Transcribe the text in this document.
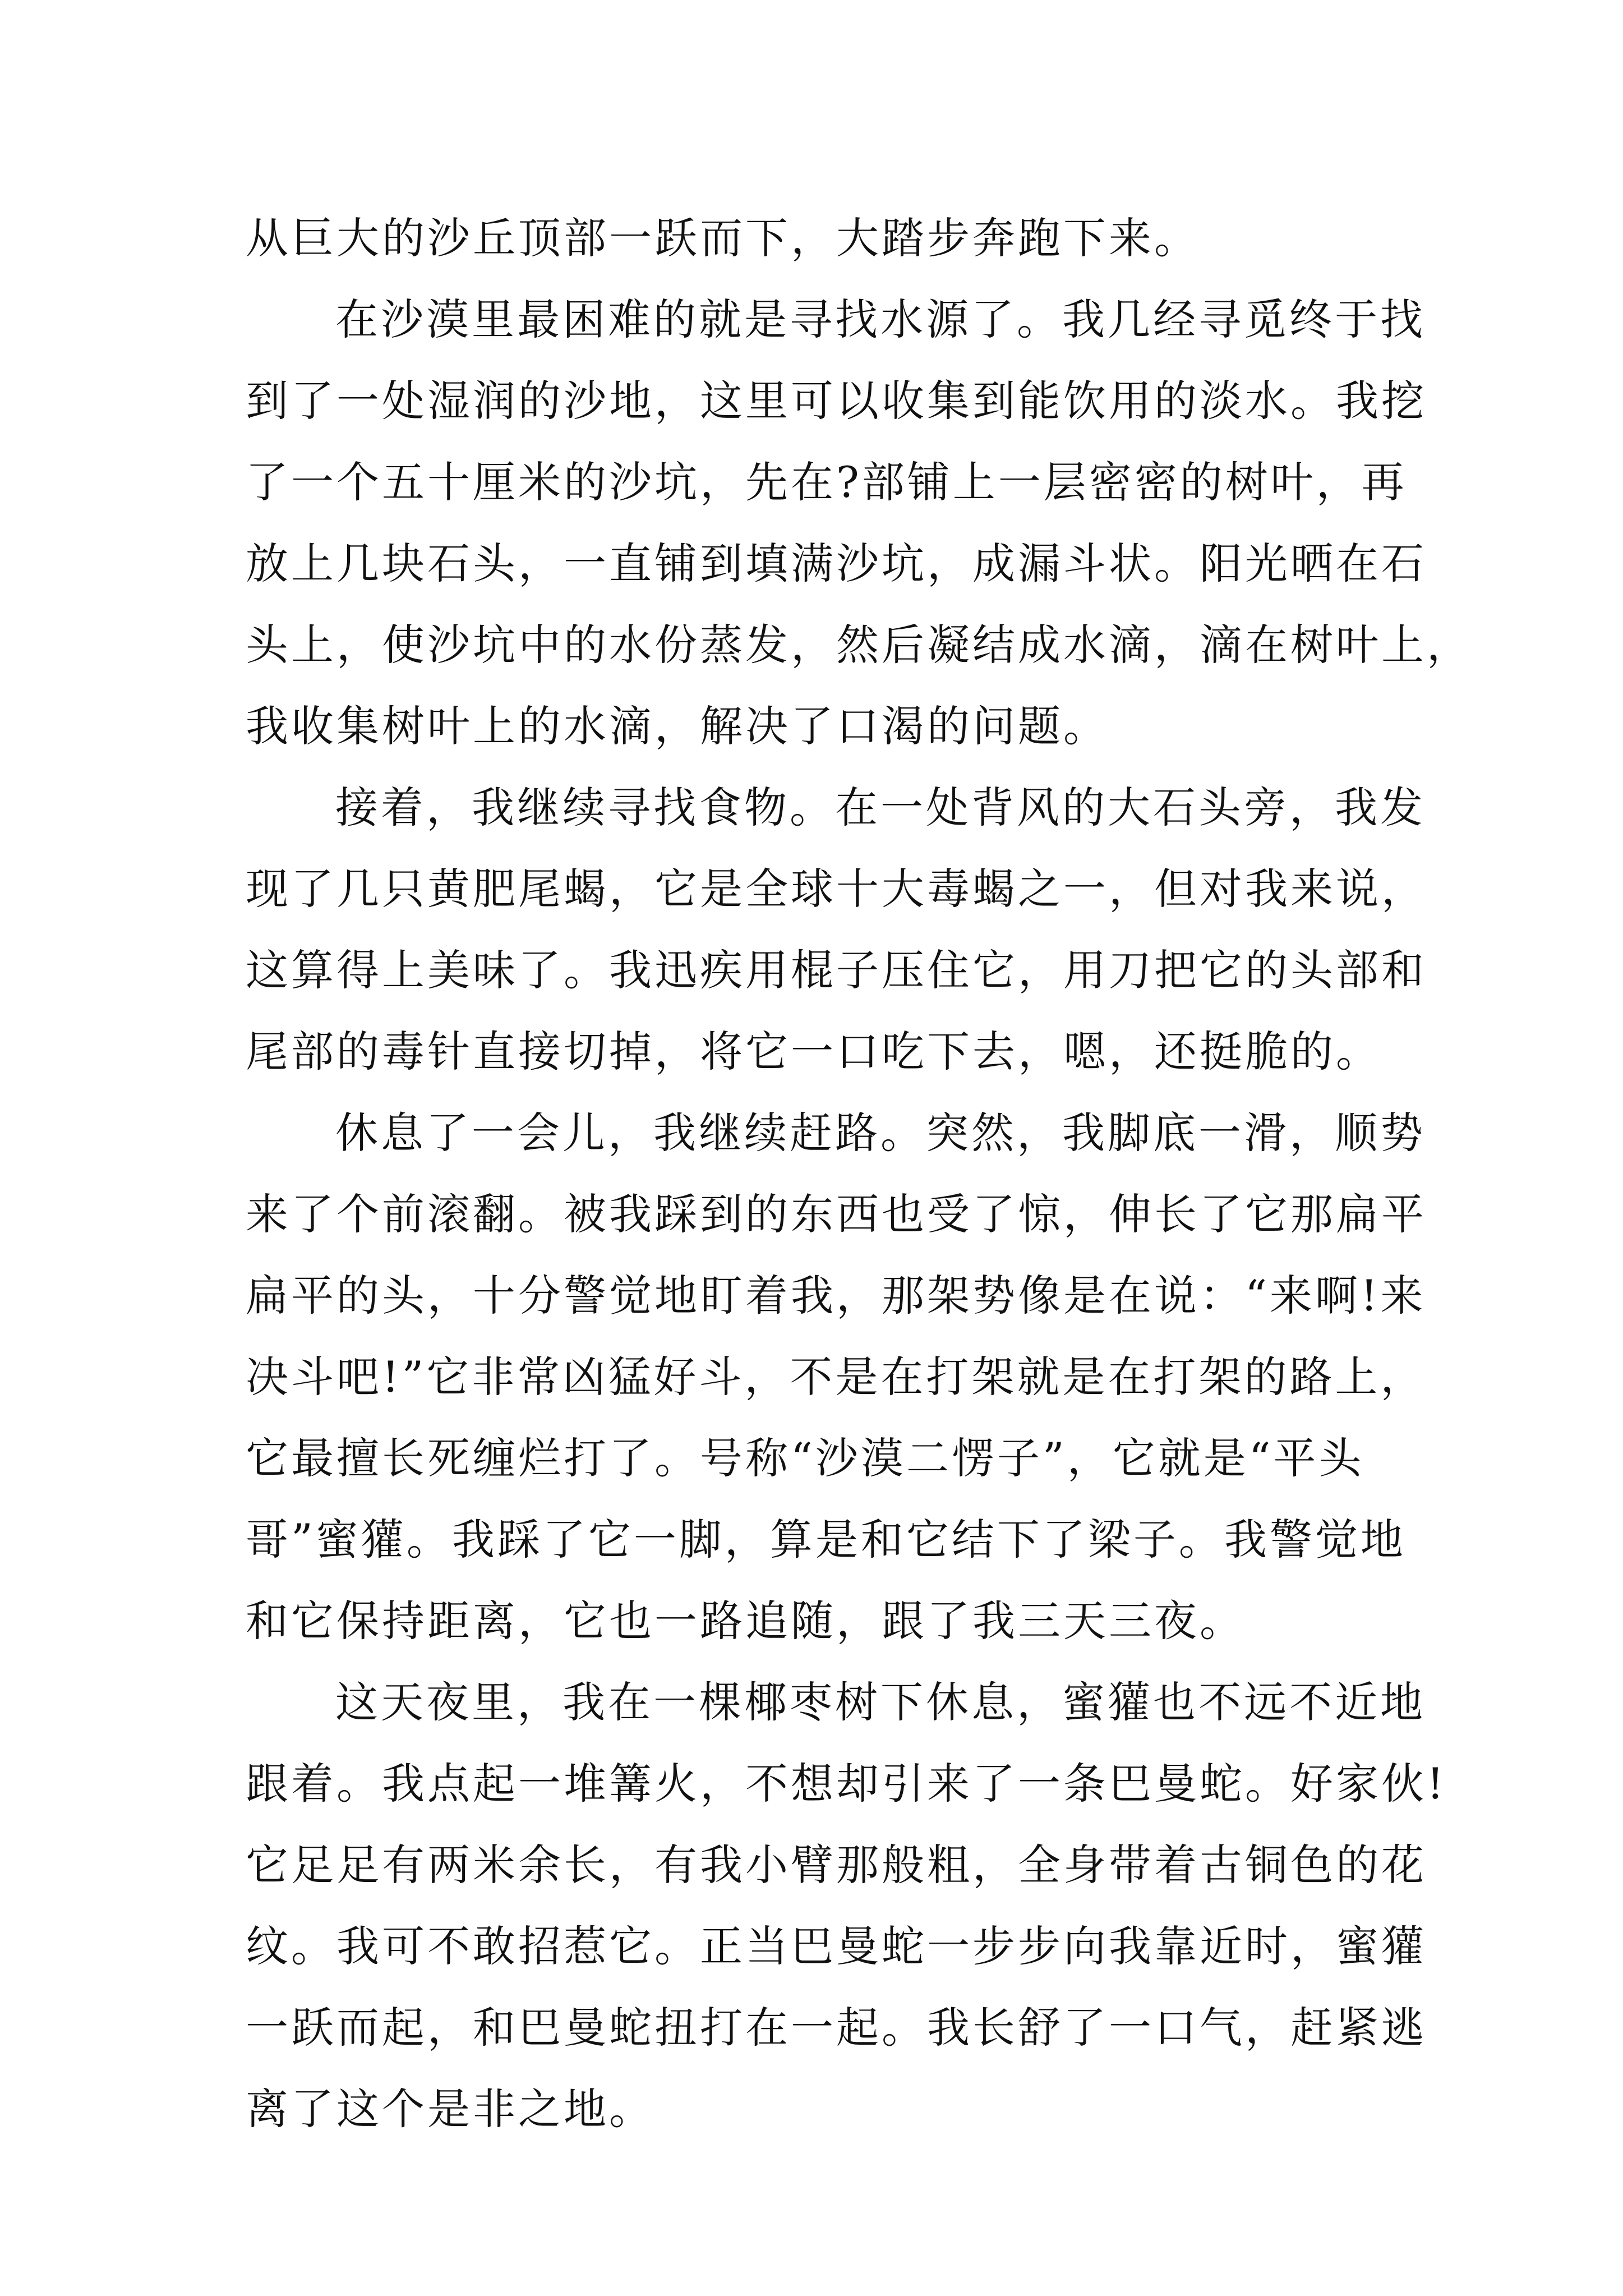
从巨大的沙丘顶部一跃而下，大踏步奔跑下来。
在沙漠里最困难的就是寻找水源了。我几经寻觅终于找
到了一处湿润的沙地，这里可以收集到能饮用的淡水。我挖
了一个五十厘米的沙坑，先在?部铺上一层密密的树叶，再
放上几块石头，一直铺到填满沙坑，成漏斗状。阳光晒在石
头上，使沙坑中的水份蒸发，然后凝结成水滴，滴在树叶上，
我收集树叶上的水滴，解决了口渴的问题。
接着，我继续寻找食物。在一处背风的大石头旁，我发
现了几只黄肥尾蝎，它是全球十大毒蝎之一，但对我来说，
这算得上美味了。我迅疾用棍子压住它，用刀把它的头部和
尾部的毒针直接切掉，将它一口吃下去，嗯，还挺脆的。
休息了一会儿，我继续赶路。突然，我脚底一滑，顺势
来了个前滚翻。被我踩到的东西也受了惊，伸长了它那扁平
扁平的头，十分警觉地盯着我，那架势像是在说：“来啊!来
决斗吧!”它非常凶猛好斗，不是在打架就是在打架的路上，
它最擅长死缠烂打了。号称“沙漠二愣子”，它就是“平头
哥”蜜獾。我踩了它一脚，算是和它结下了梁子。我警觉地
和它保持距离，它也一路追随，跟了我三天三夜。
这天夜里，我在一棵椰枣树下休息，蜜獾也不远不近地
跟着。我点起一堆篝火，不想却引来了一条巴曼蛇。好家伙!
它足足有两米余长，有我小臂那般粗，全身带着古铜色的花
纹。我可不敢招惹它。正当巴曼蛇一步步向我靠近时，蜜獾
一跃而起，和巴曼蛇扭打在一起。我长舒了一口气，赶紧逃
离了这个是非之地。
